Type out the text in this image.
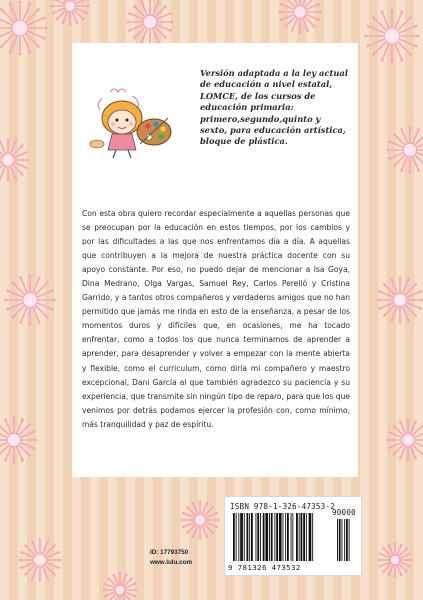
Versión adaptada a la ley actual de educación a nivel estatal, LOMCE, de los cursos de educación primaria: primero,segundo,quinto y sexto, para educación artística, bloque de plástica.
Con esta obra quiero recordar especialmente a aquellas personas que se preocupan por la educación en estos tiempos, por los cambios y por las dificultades a las que nos enfrentamos día a día. A aquellas que contribuyen a la mejora de nuestra práctica docente con su apoyo constante. Por eso, no puedo dejar de mencionar a Isa Goya, Dina Medrano, Olga Vargas, Samuel Rey, Carlos Perelló y Cristina Garrido, y a tantos otros compañeros y verdaderos amigos que no han permitido que jamás me rinda en esto de la enseñanza, a pesar de los momentos duros y difíciles que, en ocasiones, me ha tocado enfrentar, como a todos los que nunca terminamos de aprender a aprender, para desaprender y volver a empezar con la mente abierta y flexible, como el curriculum, como diría mi compañero y maestro excepcional, Dani García al que también agradezco su paciencia y su experiencia, que transmite sin ningún tipo de reparo, para que los que venimos por detrás podamos ejercer la profesión con, como mínimo, más tranquilidad y paz de espíritu.
ID: 17793750
www.lulu.com
ISBN 978-1-326-47353-2
90000
9 781326 473532
